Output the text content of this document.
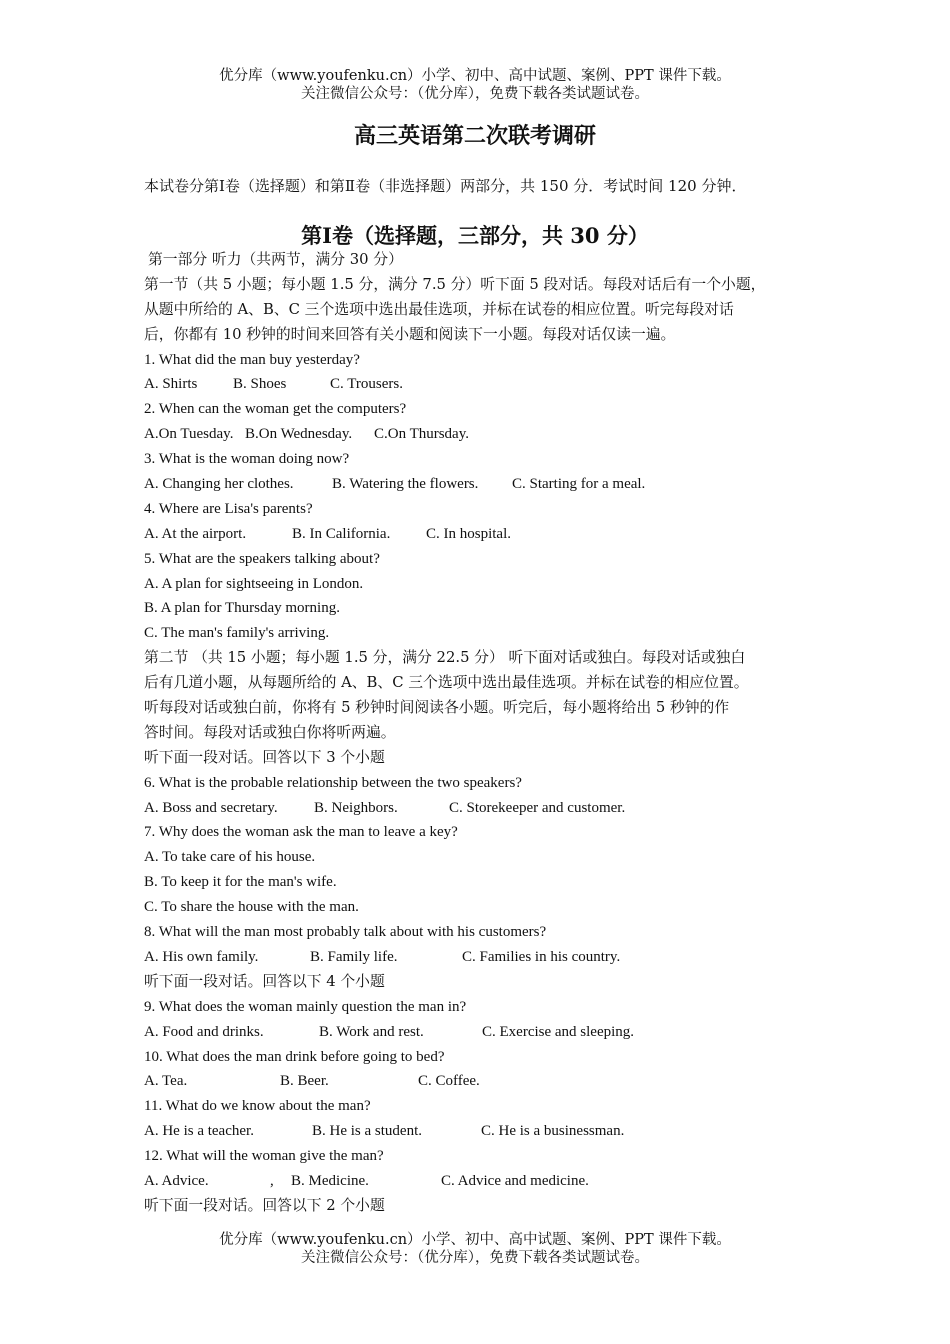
优分库（www.youfenku.cn）小学、初中、高中试题、案例、PPT 课件下载。
关注微信公众号：（优分库），免费下载各类试题试卷。
高三英语第二次联考调研
本试卷分第Ⅰ卷（选择题）和第Ⅱ卷（非选择题）两部分，共 150 分．考试时间 120 分钟．
第Ⅰ卷（选择题，三部分，共 30 分）
第一部分 听力（共两节，满分 30 分）
第一节（共 5 小题；每小题 1.5 分，满分 7.5 分）听下面 5 段对话。每段对话后有一个小题，
从题中所给的 A、B、C 三个选项中选出最佳选项，并标在试卷的相应位置。听完每段对话
后，你都有 10 秒钟的时间来回答有关小题和阅读下一小题。每段对话仅读一遍。
1. What did the man buy yesterday?
A. Shirts B. Shoes	C. Trousers.
2. When can the woman get the computers?
A.On Tuesday. B.On Wednesday. C.On Thursday.
3. What is the woman doing now?
A. Changing her clothes.	B. Watering the flowers. C. Starting for a meal.
4. Where are Lisa's parents?
A. At the airport.	B. In California. C. In hospital.
5. What are the speakers talking about?
A. A plan for sightseeing in London.
B. A plan for Thursday morning.
C. The man's family's arriving.
第二节 （共 15 小题；每小题 1.5 分，满分 22.5 分） 听下面对话或独白。每段对话或独白
后有几道小题，从每题所给的 A、B、C 三个选项中选出最佳选项。并标在试卷的相应位置。
听每段对话或独白前，你将有 5 秒钟时间阅读各小题。听完后，每小题将给出 5 秒钟的作
答时间。每段对话或独白你将听两遍。
听下面一段对话。回答以下 3 个小题
6. What is the probable relationship between the two speakers?
A. Boss and secretary. B. Neighbors.	C. Storekeeper and customer.
7. Why does the woman ask the man to leave a key?
A. To take care of his house.
B. To keep it for the man's wife.
C. To share the house with the man.
8. What will the man most probably talk about with his customers?
A. His own family.	B. Family life.	C. Families in his country.
听下面一段对话。回答以下 4 个小题
9. What does the woman mainly question the man in?
A. Food and drinks.	B. Work and rest.	C. Exercise and sleeping.
10. What does the man drink before going to bed?
A. Tea.	B. Beer.	C. Coffee.
11. What do we know about the man?
A. He is a teacher.	B. He is a student.	C. He is a businessman.
12. What will the woman give the man?
A. Advice.	, B. Medicine.	C. Advice and medicine.
听下面一段对话。回答以下 2 个小题
优分库（www.youfenku.cn）小学、初中、高中试题、案例、PPT 课件下载。
关注微信公众号：（优分库），免费下载各类试题试卷。
